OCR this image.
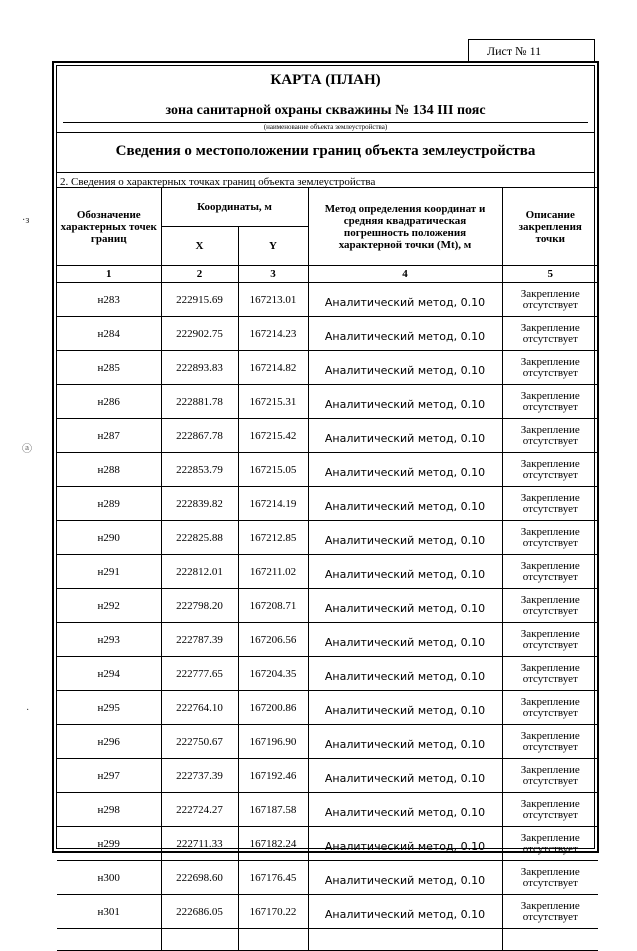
Лист № 11
·з
ⓐ
·
КАРТА (ПЛАН)
зона санитарной охраны скважины № 134 III пояс
(наименование объекта землеустройства)
Сведения о местоположении границ объекта землеустройства
2. Сведения о характерных точках границ объекта землеустройства
Обозначение характерных точек границ	Координаты, м		Метод определения координат и средняя квадратическая погрешность положения характерной точки (Mt), м	Описание закрепления точки
	X	Y		
1	2	3	4	5
н283	222915.69	167213.01	Аналитический метод, 0.10	Закрепление отсутствует
н284	222902.75	167214.23	Аналитический метод, 0.10	Закрепление отсутствует
н285	222893.83	167214.82	Аналитический метод, 0.10	Закрепление отсутствует
н286	222881.78	167215.31	Аналитический метод, 0.10	Закрепление отсутствует
н287	222867.78	167215.42	Аналитический метод, 0.10	Закрепление отсутствует
н288	222853.79	167215.05	Аналитический метод, 0.10	Закрепление отсутствует
н289	222839.82	167214.19	Аналитический метод, 0.10	Закрепление отсутствует
н290	222825.88	167212.85	Аналитический метод, 0.10	Закрепление отсутствует
н291	222812.01	167211.02	Аналитический метод, 0.10	Закрепление отсутствует
н292	222798.20	167208.71	Аналитический метод, 0.10	Закрепление отсутствует
н293	222787.39	167206.56	Аналитический метод, 0.10	Закрепление отсутствует
н294	222777.65	167204.35	Аналитический метод, 0.10	Закрепление отсутствует
н295	222764.10	167200.86	Аналитический метод, 0.10	Закрепление отсутствует
н296	222750.67	167196.90	Аналитический метод, 0.10	Закрепление отсутствует
н297	222737.39	167192.46	Аналитический метод, 0.10	Закрепление отсутствует
н298	222724.27	167187.58	Аналитический метод, 0.10	Закрепление отсутствует
н299	222711.33	167182.24	Аналитический метод, 0.10	Закрепление отсутствует
н300	222698.60	167176.45	Аналитический метод, 0.10	Закрепление отсутствует
н301	222686.05	167170.22	Аналитический метод, 0.10	Закрепление отсутствует
